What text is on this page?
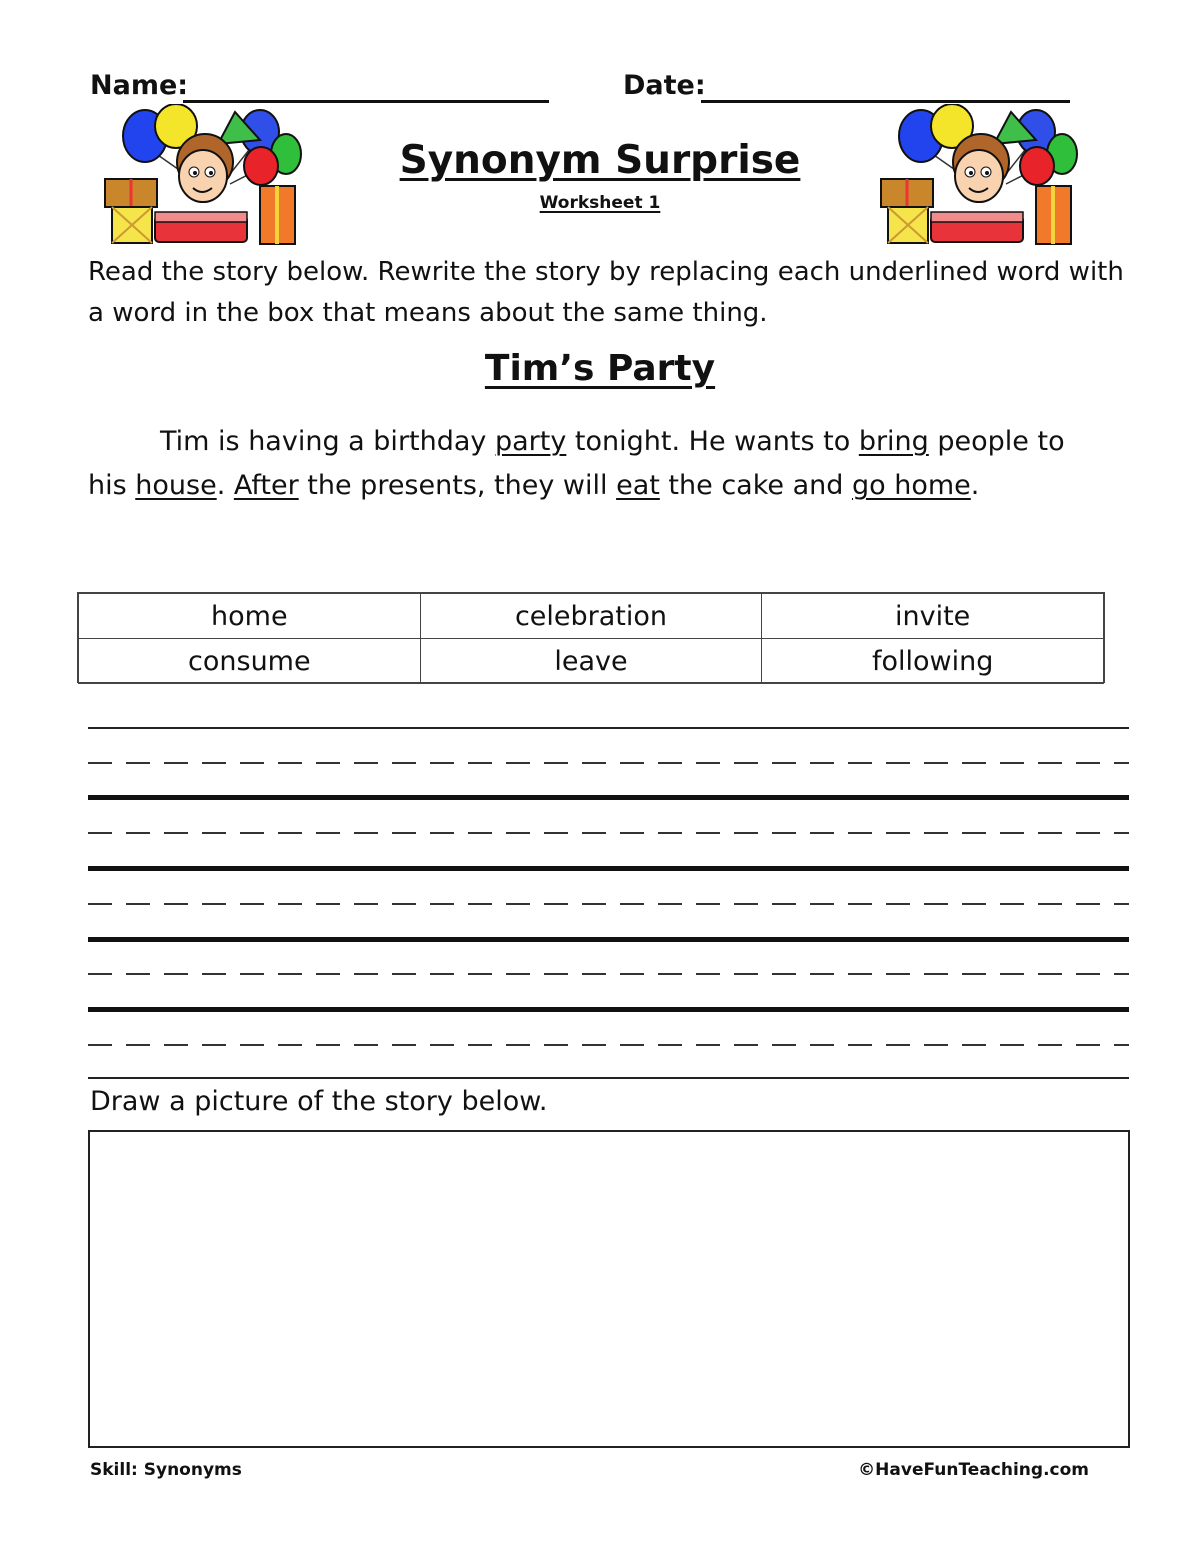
Name:	Date:
Synonym Surprise
Worksheet 1
Read the story below. Rewrite the story by replacing each underlined word with a word in the box that means about the same thing.
Tim’s Party
Tim is having a birthday party tonight. He wants to bring people to his house. After the presents, they will eat the cake and go home.
home	celebration	invite
consume	leave	following
Draw a picture of the story below.
Skill: Synonyms	©HaveFunTeaching.com
